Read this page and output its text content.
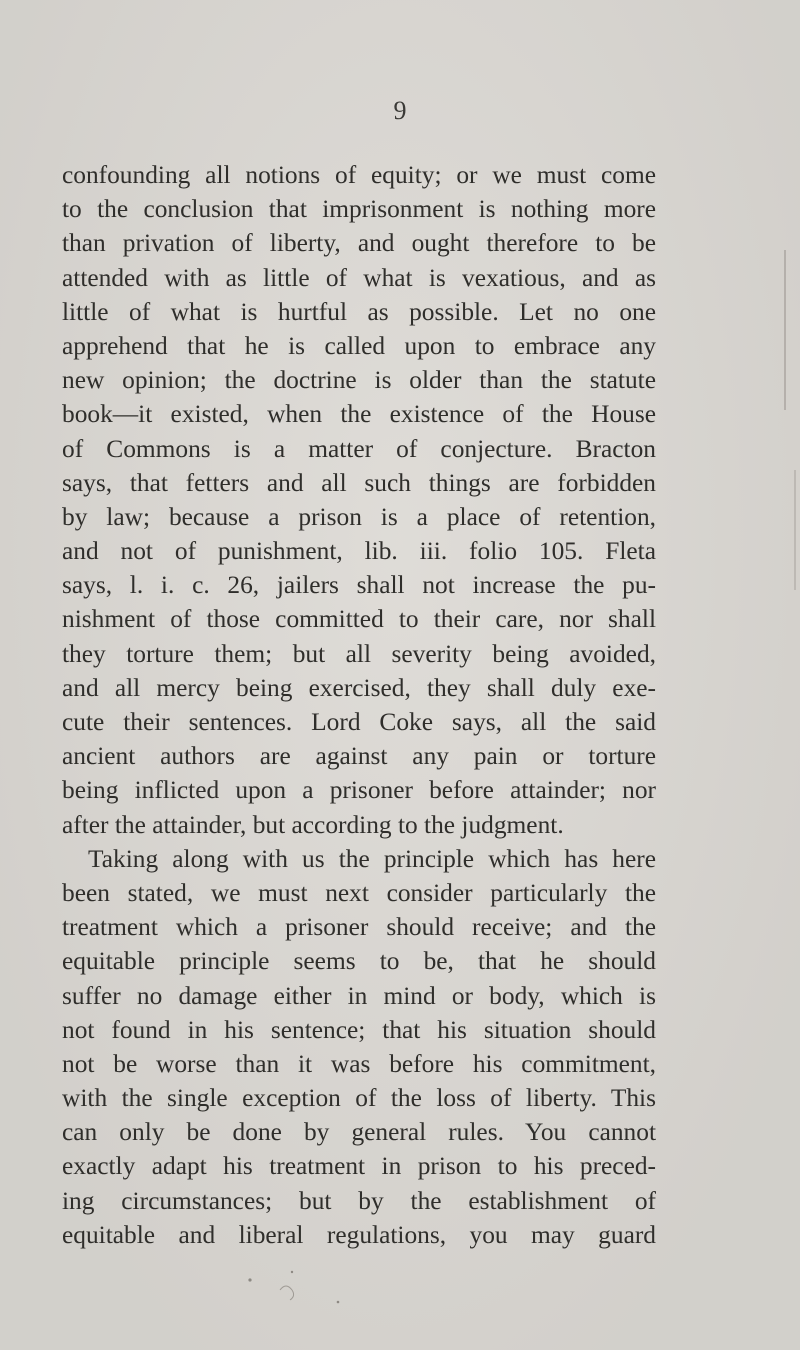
9
confounding all notions of equity; or we must come
to the conclusion that imprisonment is nothing more
than privation of liberty, and ought therefore to be
attended with as little of what is vexatious, and as
little of what is hurtful as possible. Let no one
apprehend that he is called upon to embrace any
new opinion; the doctrine is older than the statute
book—it existed, when the existence of the House
of Commons is a matter of conjecture. Bracton
says, that fetters and all such things are forbidden
by law; because a prison is a place of retention,
and not of punishment, lib. iii. folio 105. Fleta
says, l. i. c. 26, jailers shall not increase the pu-
nishment of those committed to their care, nor shall
they torture them; but all severity being avoided,
and all mercy being exercised, they shall duly exe-
cute their sentences. Lord Coke says, all the said
ancient authors are against any pain or torture
being inflicted upon a prisoner before attainder; nor
after the attainder, but according to the judgment.
Taking along with us the principle which has here
been stated, we must next consider particularly the
treatment which a prisoner should receive; and the
equitable principle seems to be, that he should
suffer no damage either in mind or body, which is
not found in his sentence; that his situation should
not be worse than it was before his commitment,
with the single exception of the loss of liberty. This
can only be done by general rules. You cannot
exactly adapt his treatment in prison to his preced-
ing circumstances; but by the establishment of
equitable and liberal regulations, you may guard
